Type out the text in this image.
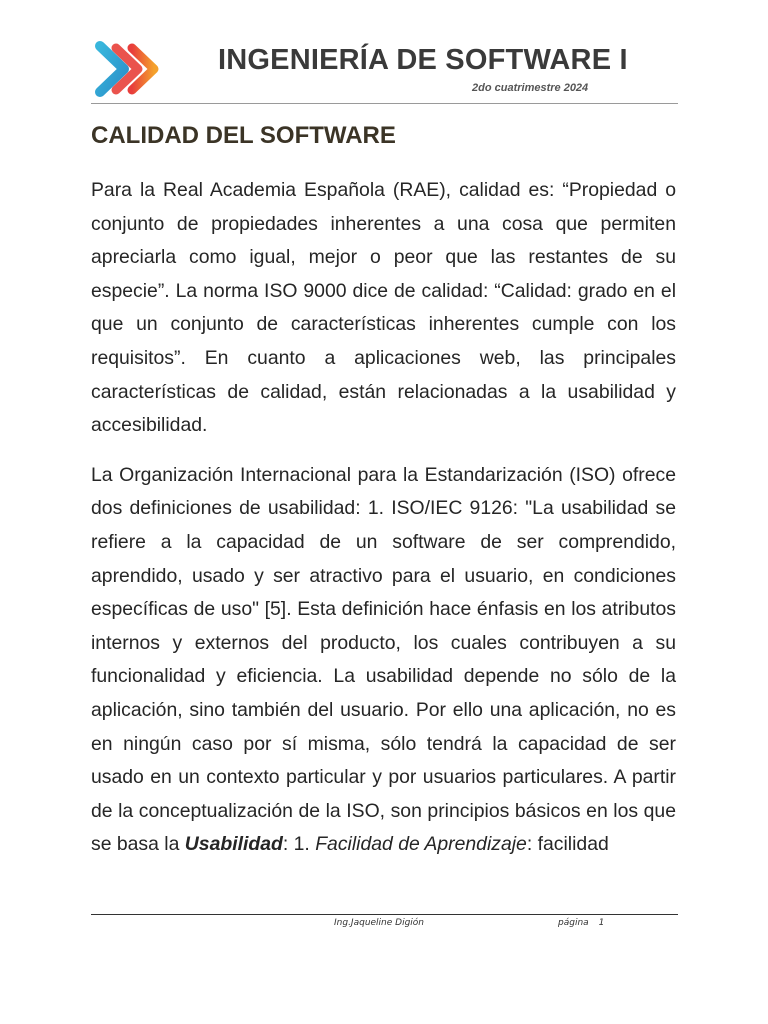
INGENIERÍA DE SOFTWARE I
2do cuatrimestre 2024
CALIDAD DEL SOFTWARE

Para la Real Academia Española (RAE), calidad es: “Propiedad o conjunto de propiedades inherentes a una cosa que permiten apreciarla como igual, mejor o peor que las restantes de su especie”. La norma ISO 9000 dice de calidad: “Calidad: grado en el que un conjunto de características inherentes cumple con los requisitos”. En cuanto a aplicaciones web, las principales características de calidad, están relacionadas a la usabilidad y accesibilidad.

La Organización Internacional para la Estandarización (ISO) ofrece dos definiciones de usabilidad: 1. ISO/IEC 9126: "La usabilidad se refiere a la capacidad de un software de ser comprendido, aprendido, usado y ser atractivo para el usuario, en condiciones específicas de uso" [5]. Esta definición hace énfasis en los atributos internos y externos del producto, los cuales contribuyen a su funcionalidad y eficiencia. La usabilidad depende no sólo de la aplicación, sino también del usuario. Por ello una aplicación, no es en ningún caso por sí misma, sólo tendrá la capacidad de ser usado en un contexto particular y por usuarios particulares. A partir de la conceptualización de la ISO, son principios básicos en los que se basa la Usabilidad: 1. Facilidad de Aprendizaje: facilidad

Ing.Jaqueline Digión	página 1
